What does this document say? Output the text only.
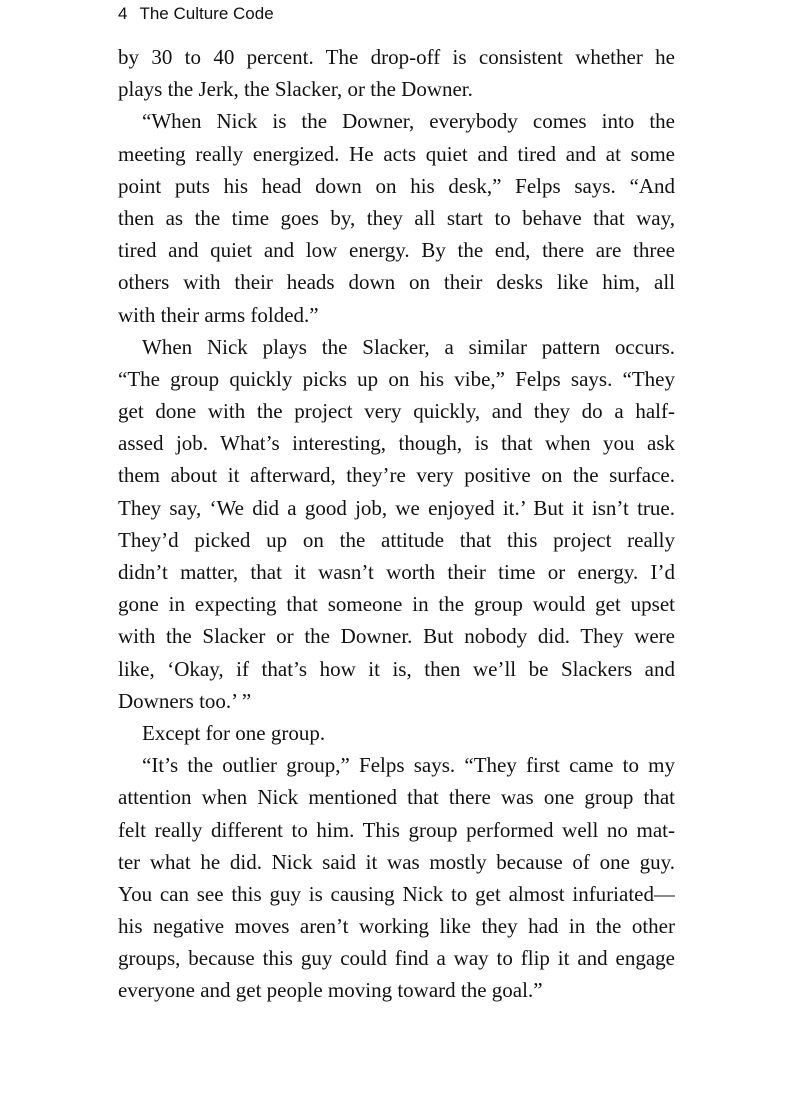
4 The Culture Code
by 30 to 40 percent. The drop-off is consistent whether he
plays the Jerk, the Slacker, or the Downer.
“When Nick is the Downer, everybody comes into the
meeting really energized. He acts quiet and tired and at some
point puts his head down on his desk,” Felps says. “And
then as the time goes by, they all start to behave that way,
tired and quiet and low energy. By the end, there are three
others with their heads down on their desks like him, all
with their arms folded.”
When Nick plays the Slacker, a similar pattern occurs.
“The group quickly picks up on his vibe,” Felps says. “They
get done with the project very quickly, and they do a half-
assed job. What’s interesting, though, is that when you ask
them about it afterward, they’re very positive on the surface.
They say, ‘We did a good job, we enjoyed it.’ But it isn’t true.
They’d picked up on the attitude that this project really
didn’t matter, that it wasn’t worth their time or energy. I’d
gone in expecting that someone in the group would get upset
with the Slacker or the Downer. But nobody did. They were
like, ‘Okay, if that’s how it is, then we’ll be Slackers and
Downers too.’ ”
Except for one group.
“It’s the outlier group,” Felps says. “They first came to my
attention when Nick mentioned that there was one group that
felt really different to him. This group performed well no mat-
ter what he did. Nick said it was mostly because of one guy.
You can see this guy is causing Nick to get almost infuriated—
his negative moves aren’t working like they had in the other
groups, because this guy could find a way to flip it and engage
everyone and get people moving toward the goal.”
